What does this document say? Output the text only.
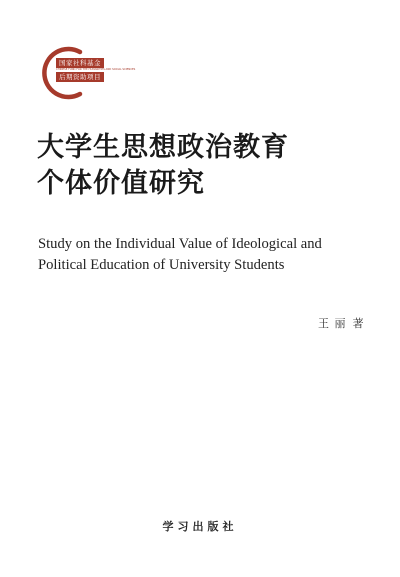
国家社科基金
CHINESE FUND FOR THE HUMANITIES AND SOCIAL SCIENCES
后期资助项目
大学生思想政治教育
个体价值研究
Study on the Individual Value of Ideological and
Political Education of University Students
王 丽 著
学习出版社
